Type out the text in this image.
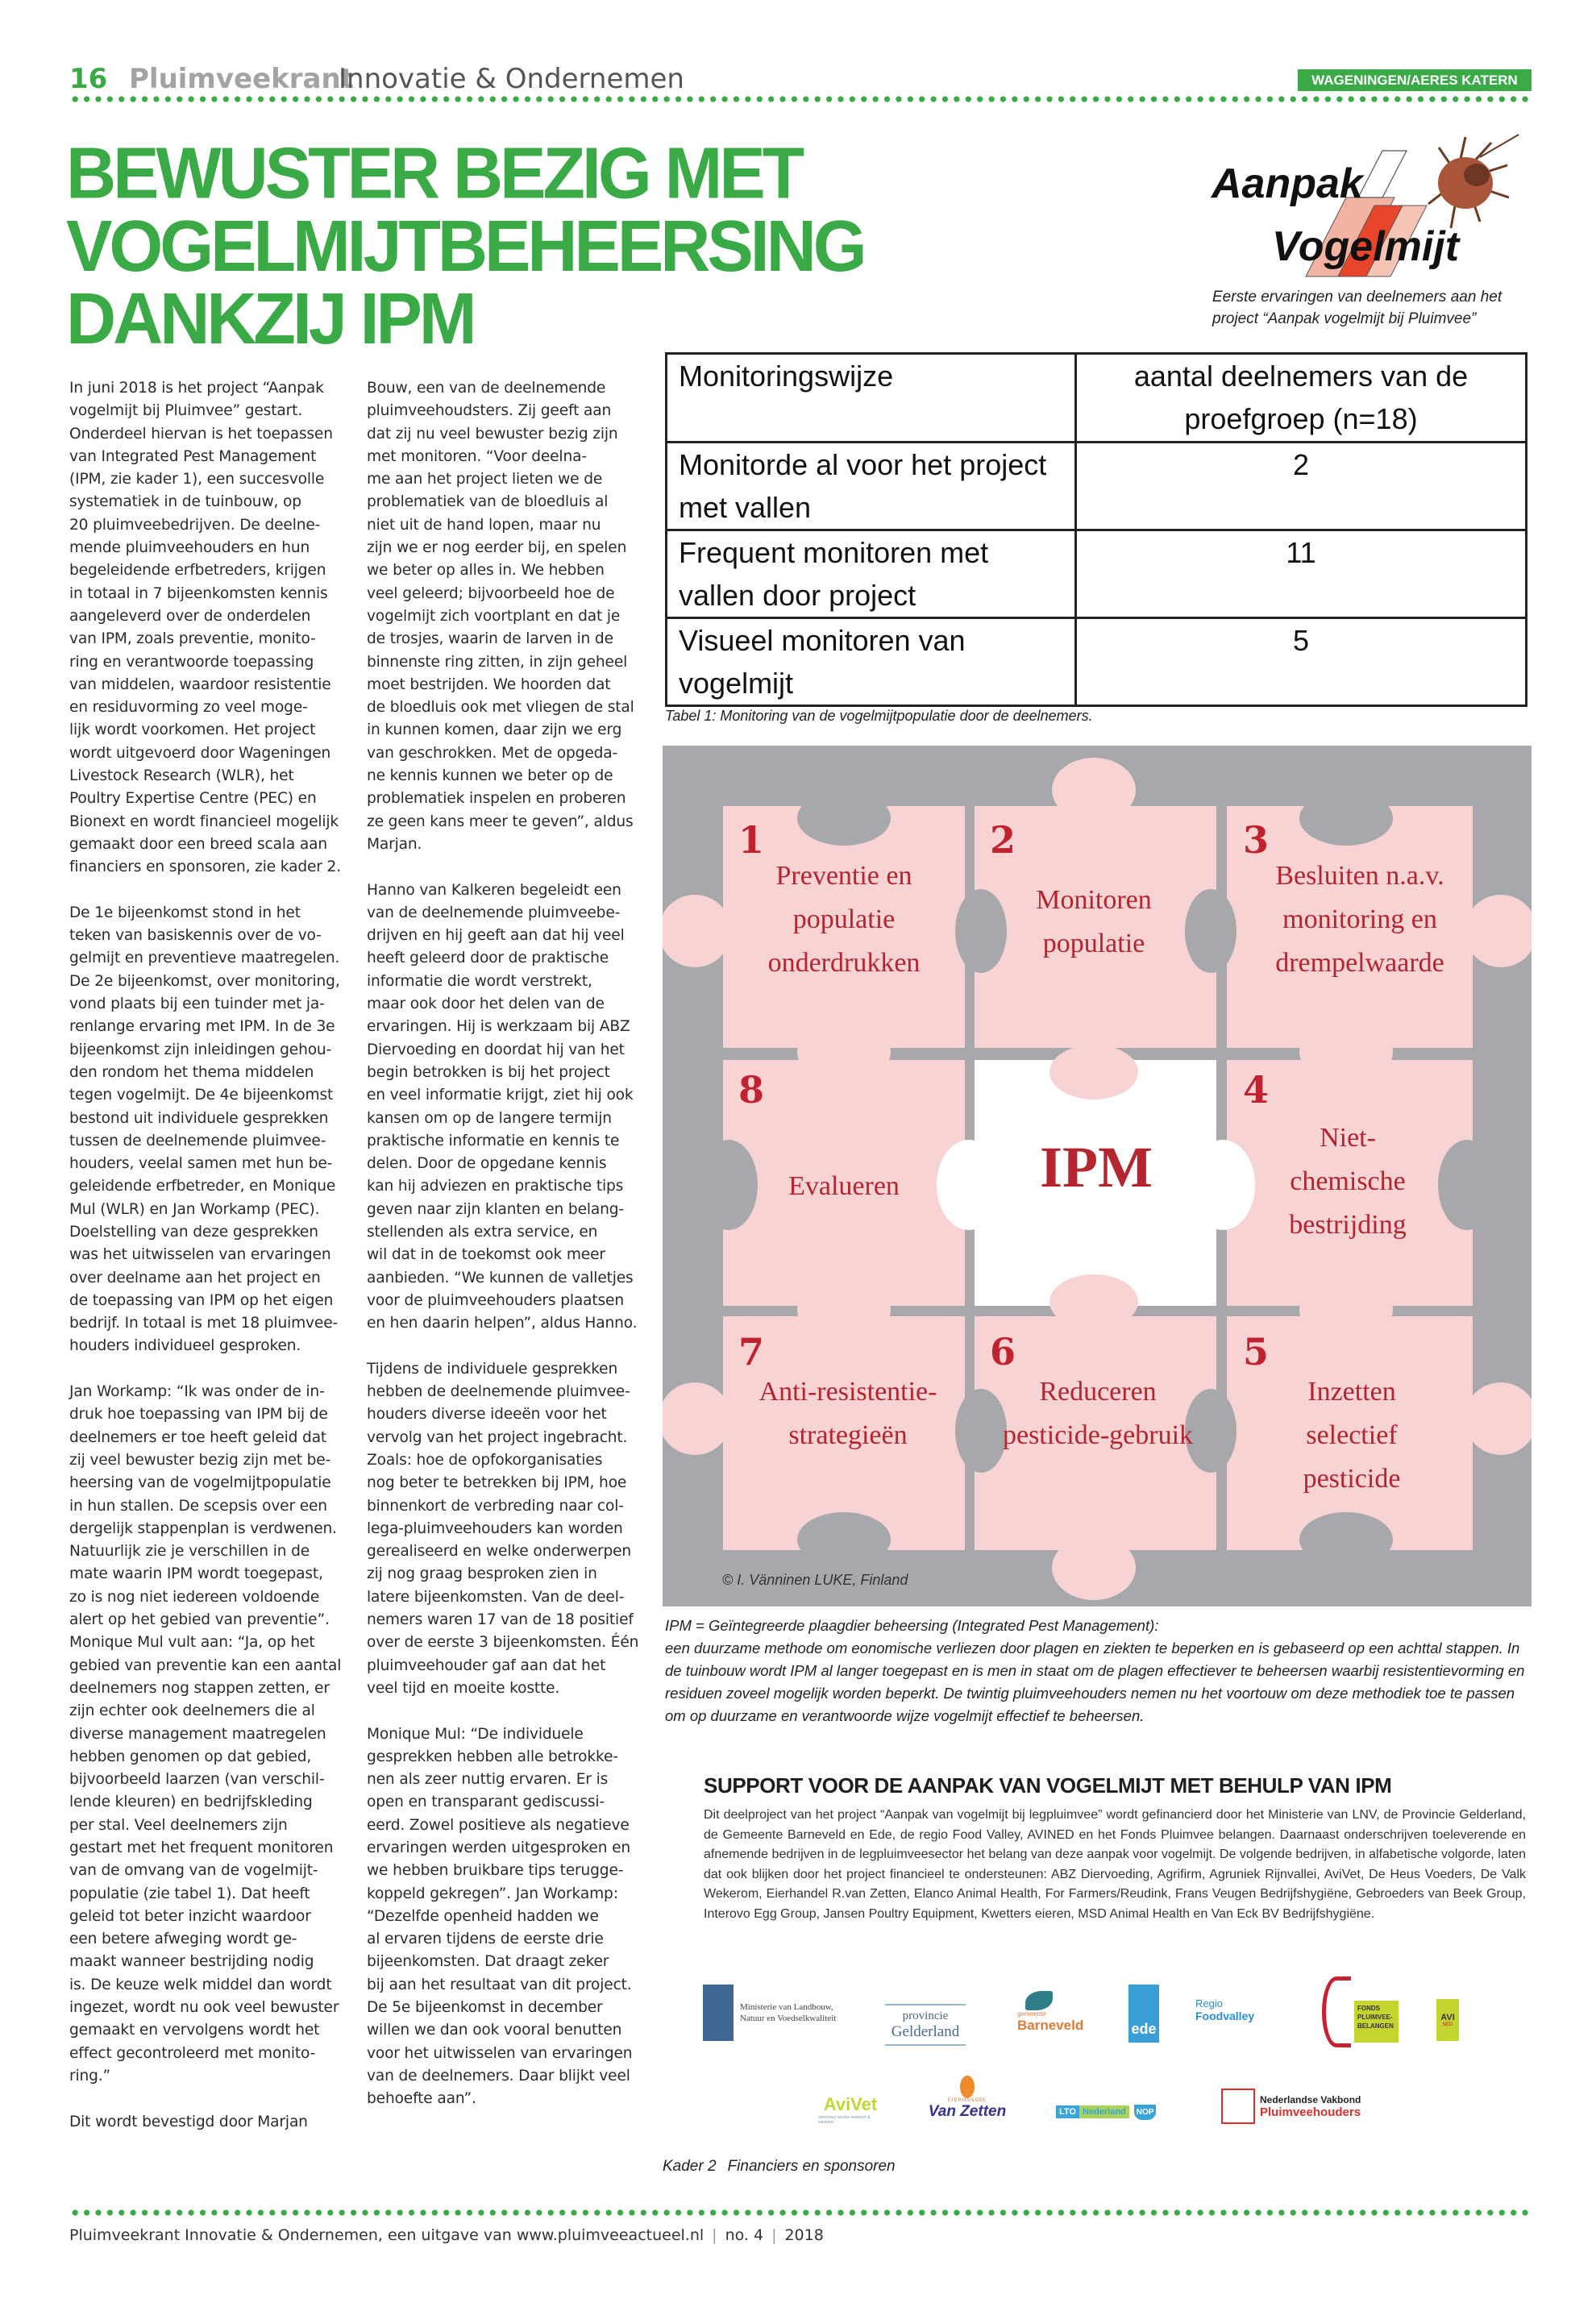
16 Pluimveekrant
Innovatie & Ondernemen	WAGENINGEN/AERES KATERN
BEWUSTER BEZIG MET
VOGELMIJTBEHEERSING
DANKZIJ IPM
Aanpak
Vogelmijt
Eerste ervaringen van deelnemers aan het project “Aanpak vogelmijt bij Pluimvee”

In juni 2018 is het project “Aanpak
vogelmijt bij Pluimvee” gestart.
Onderdeel hiervan is het toepassen
van Integrated Pest Management
(IPM, zie kader 1), een succesvolle
systematiek in de tuinbouw, op
20 pluimveebedrijven. De deelne-
mende pluimveehouders en hun
begeleidende erfbetreders, krijgen
in totaal in 7 bijeenkomsten kennis
aangeleverd over de onderdelen
van IPM, zoals preventie, monito-
ring en verantwoorde toepassing
van middelen, waardoor resistentie
en residuvorming zo veel moge-
lijk wordt voorkomen. Het project
wordt uitgevoerd door Wageningen
Livestock Research (WLR), het
Poultry Expertise Centre (PEC) en
Bionext en wordt financieel mogelijk
gemaakt door een breed scala aan
financiers en sponsoren, zie kader 2.

De 1e bijeenkomst stond in het
teken van basiskennis over de vo-
gelmijt en preventieve maatregelen.
De 2e bijeenkomst, over monitoring,
vond plaats bij een tuinder met ja-
renlange ervaring met IPM. In de 3e
bijeenkomst zijn inleidingen gehou-
den rondom het thema middelen
tegen vogelmijt. De 4e bijeenkomst
bestond uit individuele gesprekken
tussen de deelnemende pluimvee-
houders, veelal samen met hun be-
geleidende erfbetreder, en Monique
Mul (WLR) en Jan Workamp (PEC).
Doelstelling van deze gesprekken
was het uitwisselen van ervaringen
over deelname aan het project en
de toepassing van IPM op het eigen
bedrijf. In totaal is met 18 pluimvee-
houders individueel gesproken.

Jan Workamp: “Ik was onder de in-
druk hoe toepassing van IPM bij de
deelnemers er toe heeft geleid dat
zij veel bewuster bezig zijn met be-
heersing van de vogelmijtpopulatie
in hun stallen. De scepsis over een
dergelijk stappenplan is verdwenen.
Natuurlijk zie je verschillen in de
mate waarin IPM wordt toegepast,
zo is nog niet iedereen voldoende
alert op het gebied van preventie”.
Monique Mul vult aan: “Ja, op het
gebied van preventie kan een aantal
deelnemers nog stappen zetten, er
zijn echter ook deelnemers die al
diverse management maatregelen
hebben genomen op dat gebied,
bijvoorbeeld laarzen (van verschil-
lende kleuren) en bedrijfskleding
per stal. Veel deelnemers zijn
gestart met het frequent monitoren
van de omvang van de vogelmijt-
populatie (zie tabel 1). Dat heeft
geleid tot beter inzicht waardoor
een betere afweging wordt ge-
maakt wanneer bestrijding nodig
is. De keuze welk middel dan wordt
ingezet, wordt nu ook veel bewuster
gemaakt en vervolgens wordt het
effect gecontroleerd met monito-
ring.”

Dit wordt bevestigd door Marjan

Bouw, een van de deelnemende
pluimveehoudsters. Zij geeft aan
dat zij nu veel bewuster bezig zijn
met monitoren. “Voor deelna-
me aan het project lieten we de
problematiek van de bloedluis al
niet uit de hand lopen, maar nu
zijn we er nog eerder bij, en spelen
we beter op alles in. We hebben
veel geleerd; bijvoorbeeld hoe de
vogelmijt zich voortplant en dat je
de trosjes, waarin de larven in de
binnenste ring zitten, in zijn geheel
moet bestrijden. We hoorden dat
de bloedluis ook met vliegen de stal
in kunnen komen, daar zijn we erg
van geschrokken. Met de opgeda-
ne kennis kunnen we beter op de
problematiek inspelen en proberen
ze geen kans meer te geven”, aldus
Marjan.

Hanno van Kalkeren begeleidt een
van de deelnemende pluimveebe-
drijven en hij geeft aan dat hij veel
heeft geleerd door de praktische
informatie die wordt verstrekt,
maar ook door het delen van de
ervaringen. Hij is werkzaam bij ABZ
Diervoeding en doordat hij van het
begin betrokken is bij het project
en veel informatie krijgt, ziet hij ook
kansen om op de langere termijn
praktische informatie en kennis te
delen. Door de opgedane kennis
kan hij adviezen en praktische tips
geven naar zijn klanten en belang-
stellenden als extra service, en
wil dat in de toekomst ook meer
aanbieden. “We kunnen de valletjes
voor de pluimveehouders plaatsen
en hen daarin helpen”, aldus Hanno.

Tijdens de individuele gesprekken
hebben de deelnemende pluimvee-
houders diverse ideeën voor het
vervolg van het project ingebracht.
Zoals: hoe de opfokorganisaties
nog beter te betrekken bij IPM, hoe
binnenkort de verbreding naar col-
lega-pluimveehouders kan worden
gerealiseerd en welke onderwerpen
zij nog graag besproken zien in
latere bijeenkomsten. Van de deel-
nemers waren 17 van de 18 positief
over de eerste 3 bijeenkomsten. Één
pluimveehouder gaf aan dat het
veel tijd en moeite kostte.

Monique Mul: “De individuele
gesprekken hebben alle betrokke-
nen als zeer nuttig ervaren. Er is
open en transparant gediscussi-
eerd. Zowel positieve als negatieve
ervaringen werden uitgesproken en
we hebben bruikbare tips terugge-
koppeld gekregen”. Jan Workamp:
“Dezelfde openheid hadden we
al ervaren tijdens de eerste drie
bijeenkomsten. Dat draagt zeker
bij aan het resultaat van dit project.
De 5e bijeenkomst in december
willen we dan ook vooral benutten
voor het uitwisselen van ervaringen
van de deelnemers. Daar blijkt veel
behoefte aan”.

Monitoringswijze	aantal deelnemers van de proefgroep (n=18)
Monitorde al voor het project met vallen	2
Frequent monitoren met vallen door project	11
Visueel monitoren van vogelmijt	5
Tabel 1: Monitoring van de vogelmijtpopulatie door de deelnemers.
1
Preventie en populatie onderdrukken
2
Monitoren populatie
3
Besluiten n.a.v. monitoring en drempelwaarde
8
Evalueren	IPM
4
Niet-chemische bestrijding
7
Anti-resistentie-strategieën
6
Reduceren pesticide-gebruik
5
Inzetten selectief pesticide
© I. Vänninen LUKE, Finland
IPM = Geïntegreerde plaagdier beheersing (Integrated Pest Management):
een duurzame methode om eonomische verliezen door plagen en ziekten te beperken en is gebaseerd op een achttal stappen. In de tuinbouw wordt IPM al langer toegepast en is men in staat om de plagen effectiever te beheersen waarbij resistentievorming en residuen zoveel mogelijk worden beperkt. De twintig pluimveehouders nemen nu het voortouw om deze methodiek toe te passen om op duurzame en verantwoorde wijze vogelmijt effectief te beheersen.
SUPPORT VOOR DE AANPAK VAN VOGELMIJT MET BEHULP VAN IPM
Dit deelproject van het project “Aanpak van vogelmijt bij legpluimvee” wordt gefinancierd door het Ministerie van LNV, de Provincie Gelderland, de Gemeente Barneveld en Ede, de regio Food Valley, AVINED en het Fonds Pluimvee belangen. Daarnaast onderschrijven toeleverende en afnemende bedrijven in de legpluimveesector het belang van deze aanpak voor vogelmijt. De volgende bedrijven, in alfabetische volgorde, laten dat ook blijken door het project financieel te ondersteunen: ABZ Diervoeding, Agrifirm, Agruniek Rijnvallei, AviVet, De Heus Voeders, De Valk Wekerom, Eierhandel R.van Zetten, Elanco Animal Health, For Farmers/Reudink, Frans Veugen Bedrijfshygiëne, Gebroeders van Beek Group, Interovo Egg Group, Jansen Poultry Equipment, Kwetters eieren, MSD Animal Health en Van Eck BV Bedrijfshygiëne.
Ministerie van Landbouw, Natuur en Voedselkwaliteit	provincie
Gelderland
gemeente
Barneveld	ede
Regio
Foodvalley
FONDS PLUIMVEE-BELANGEN
AVI
NED
AviVet
veterinary service research & solutions
EIERHANDEL
Van Zetten	LTO Nederland	NOP
Nederlandse Vakbond
Pluimveehouders
Kader 2 Financiers en sponsoren
Pluimveekrant Innovatie & Ondernemen, een uitgave van www.pluimveeactueel.nl | no. 4 | 2018
